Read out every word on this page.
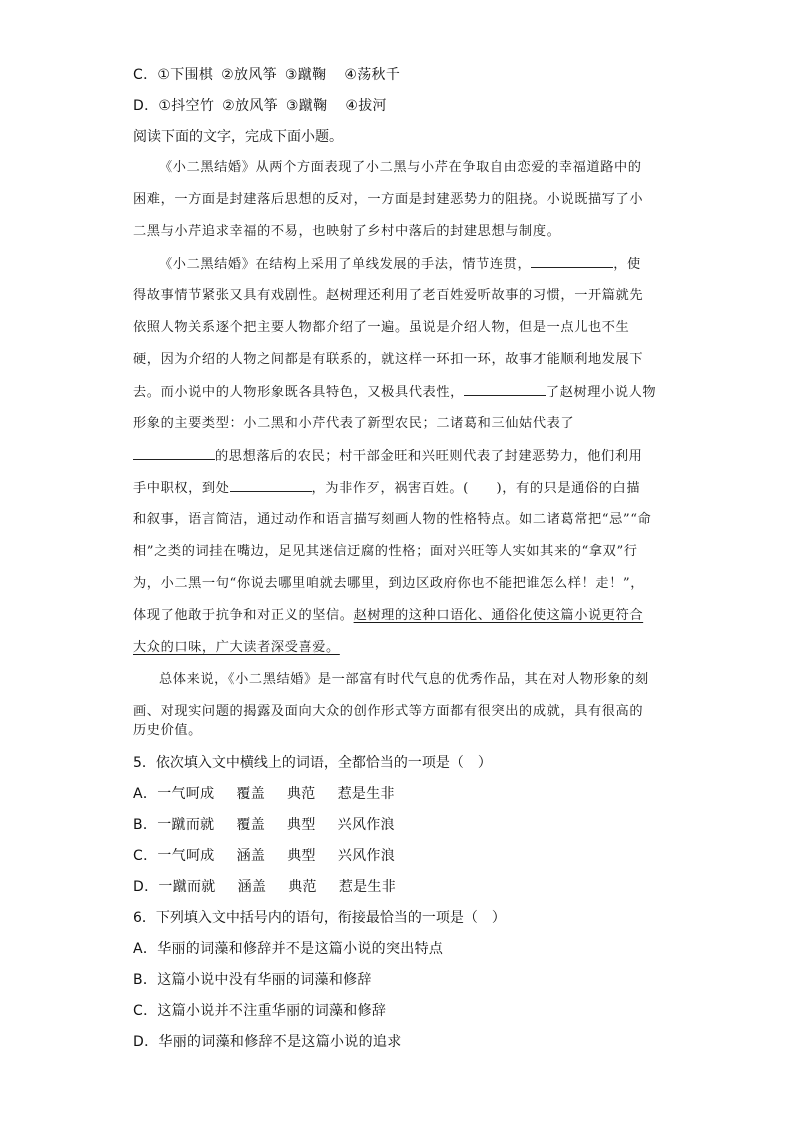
C．①下围棋 ②放风筝 ③蹴鞠 ④荡秋千
D．①抖空竹 ②放风筝 ③蹴鞠 ④拔河
阅读下面的文字，完成下面小题。
《小二黑结婚》从两个方面表现了小二黑与小芹在争取自由恋爱的幸福道路中的
困难，一方面是封建落后思想的反对，一方面是封建恶势力的阻挠。小说既描写了小
二黑与小芹追求幸福的不易，也映射了乡村中落后的封建思想与制度。
《小二黑结婚》在结构上采用了单线发展的手法，情节连贯，	，使
得故事情节紧张又具有戏剧性。赵树理还利用了老百姓爱听故事的习惯，一开篇就先
依照人物关系逐个把主要人物都介绍了一遍。虽说是介绍人物，但是一点儿也不生
硬，因为介绍的人物之间都是有联系的，就这样一环扣一环，故事才能顺利地发展下
去。而小说中的人物形象既各具特色，又极具代表性，	了赵树理小说人物
形象的主要类型：小二黑和小芹代表了新型农民；二诸葛和三仙姑代表了
的思想落后的农民；村干部金旺和兴旺则代表了封建恶势力，他们利用
手中职权，到处	，为非作歹，祸害百姓。(　　)，有的只是通俗的白描
和叙事，语言简洁，通过动作和语言描写刻画人物的性格特点。如二诸葛常把“忌”“命
相”之类的词挂在嘴边，足见其迷信迂腐的性格；面对兴旺等人实如其来的“拿双”行
为，小二黑一句“你说去哪里咱就去哪里，到边区政府你也不能把谁怎么样！走！”，
体现了他敢于抗争和对正义的坚信。赵树理的这种口语化、通俗化使这篇小说更符合
大众的口味，广大读者深受喜爱。
总体来说，《小二黑结婚》是一部富有时代气息的优秀作品，其在对人物形象的刻
画、对现实问题的揭露及面向大众的创作形式等方面都有很突出的成就，具有很高的
历史价值。
5．依次填入文中横线上的词语，全都恰当的一项是（　）
A．一气呵成 覆盖 典范 惹是生非
B．一蹴而就 覆盖 典型 兴风作浪
C．一气呵成 涵盖 典型 兴风作浪
D．一蹴而就 涵盖 典范 惹是生非
6．下列填入文中括号内的语句，衔接最恰当的一项是（　）
A．华丽的词藻和修辞并不是这篇小说的突出特点
B．这篇小说中没有华丽的词藻和修辞
C．这篇小说并不注重华丽的词藻和修辞
D．华丽的词藻和修辞不是这篇小说的追求
